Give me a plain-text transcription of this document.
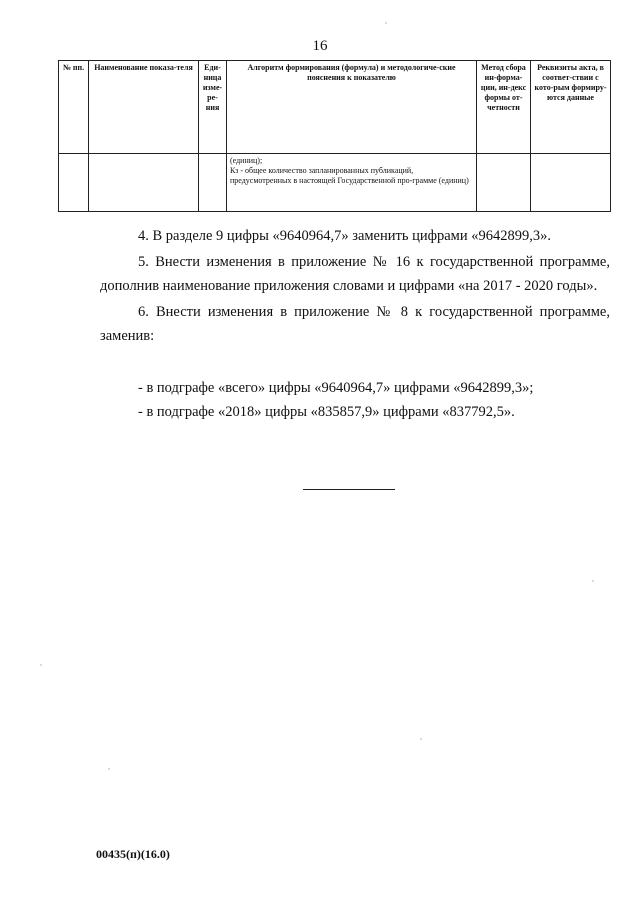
16
№ пп.	Наименование показа-теля	Еди-ница изме-ре-ния	Алгоритм формирования (формула) и методологиче-ские пояснения к показателю	Метод сбора ин-форма-ции, ин-декс формы от-четности	Реквизиты акта, в соответ-ствии с кото-рым формиру-ются данные
			(единиц);
Кз - общее количество запланированных публикаций, предусмотренных в настоящей Государственной про-грамме (единиц)		

4. В разделе 9 цифры «9640964,7» заменить цифрами «9642899,3».

5. Внести изменения в приложение № 16 к государственной программе, дополнив наименование приложения словами и цифрами «на 2017 - 2020 годы».

6. Внести изменения в приложение № 8 к государственной программе, заменив:

- в подграфе «всего» цифры «9640964,7» цифрами «9642899,3»;
- в подграфе «2018» цифры «835857,9» цифрами «837792,5».
00435(п)(16.0)
